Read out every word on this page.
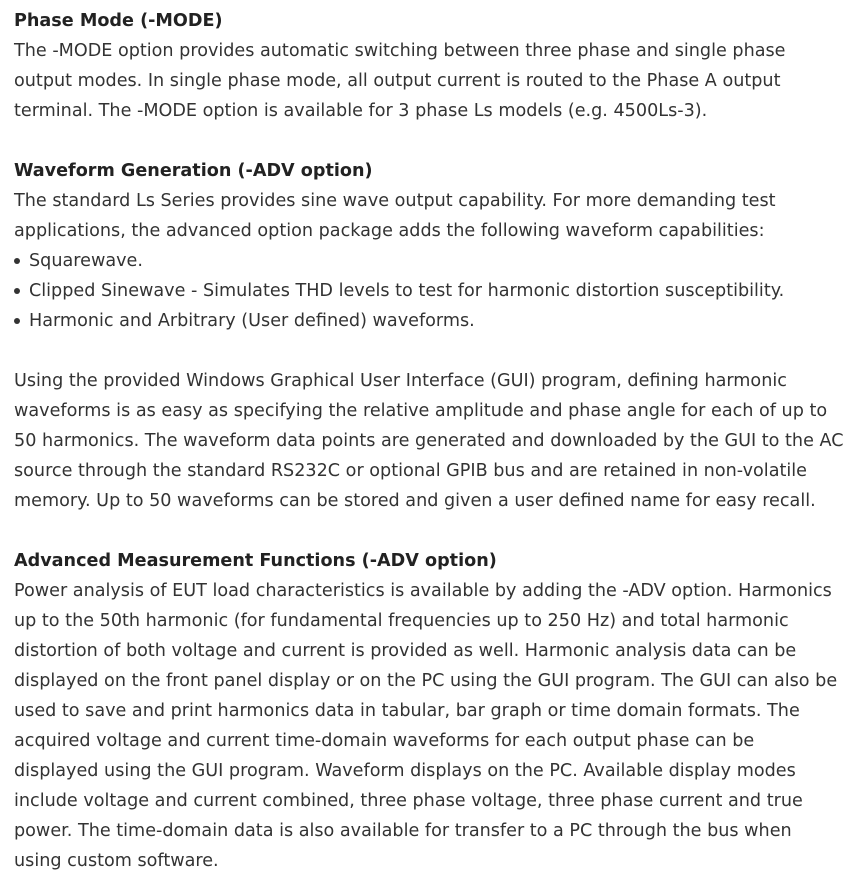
Phase Mode (-MODE)

The -MODE option provides automatic switching between three phase and single phase output modes. In single phase mode, all output current is routed to the Phase A output terminal. The -MODE option is available for 3 phase Ls models (e.g. 4500Ls-3).

Waveform Generation (-ADV option)

The standard Ls Series provides sine wave output capability. For more demanding test applications, the advanced option package adds the following waveform capabilities:

Squarewave.
Clipped Sinewave - Simulates THD levels to test for harmonic distortion susceptibility.
Harmonic and Arbitrary (User defined) waveforms.

Using the provided Windows Graphical User Interface (GUI) program, defining harmonic waveforms is as easy as specifying the relative amplitude and phase angle for each of up to 50 harmonics. The waveform data points are generated and downloaded by the GUI to the AC source through the standard RS232C or optional GPIB bus and are retained in non-volatile memory. Up to 50 waveforms can be stored and given a user defined name for easy recall.

Advanced Measurement Functions (-ADV option)

Power analysis of EUT load characteristics is available by adding the -ADV option. Harmonics up to the 50th harmonic (for fundamental frequencies up to 250 Hz) and total harmonic distortion of both voltage and current is provided as well. Harmonic analysis data can be displayed on the front panel display or on the PC using the GUI program. The GUI can also be used to save and print harmonics data in tabular, bar graph or time domain formats. The acquired voltage and current time-domain waveforms for each output phase can be displayed using the GUI program. Waveform displays on the PC. Available display modes include voltage and current combined, three phase voltage, three phase current and true power. The time-domain data is also available for transfer to a PC through the bus when using custom software.
